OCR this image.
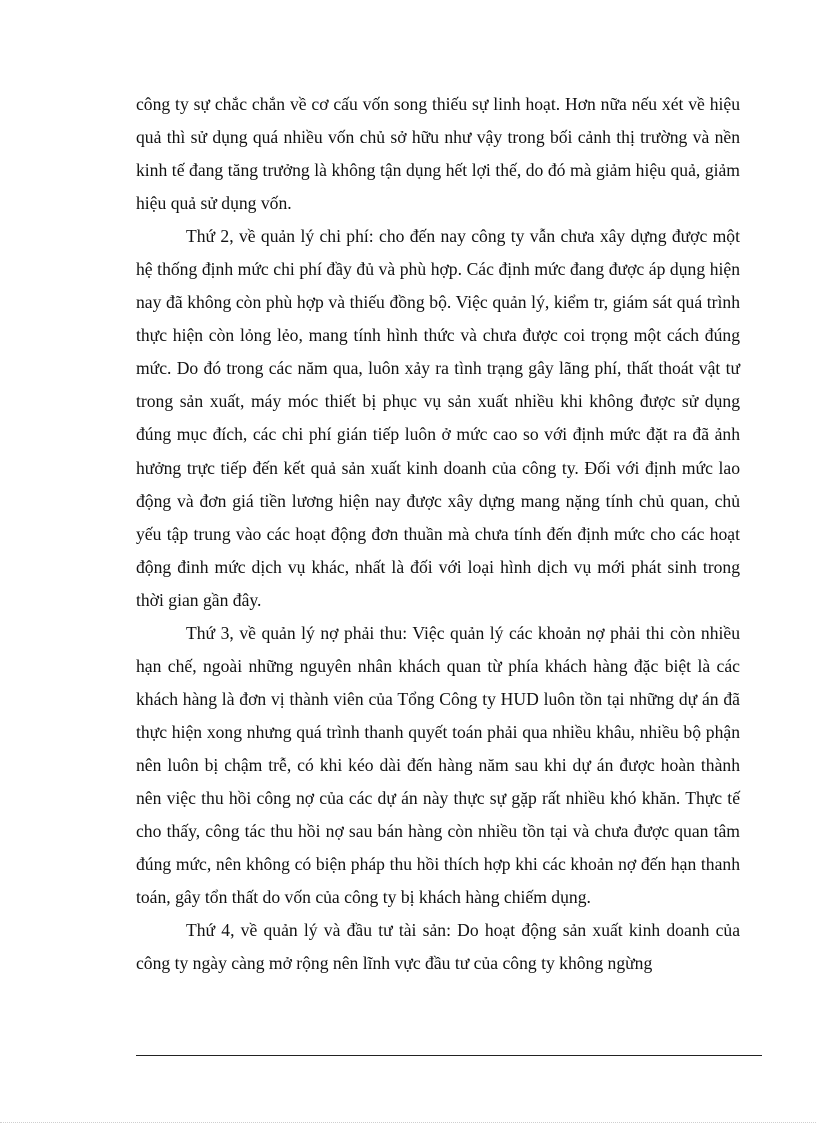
công ty sự chắc chắn về cơ cấu vốn song thiếu sự linh hoạt. Hơn nữa nếu xét về hiệu quả thì sử dụng quá nhiều vốn chủ sở hữu như vậy trong bối cảnh thị trường và nền kinh tế đang tăng trưởng là không tận dụng hết lợi thế, do đó mà giảm hiệu quả, giảm hiệu quả sử dụng vốn.

Thứ 2, về quản lý chi phí: cho đến nay công ty vẫn chưa xây dựng được một hệ thống định mức chi phí đầy đủ và phù hợp. Các định mức đang được áp dụng hiện nay đã không còn phù hợp và thiếu đồng bộ. Việc quản lý, kiểm tr, giám sát quá trình thực hiện còn lỏng lẻo, mang tính hình thức và chưa được coi trọng một cách đúng mức. Do đó trong các năm qua, luôn xảy ra tình trạng gây lãng phí, thất thoát vật tư trong sản xuất, máy móc thiết bị phục vụ sản xuất nhiều khi không được sử dụng đúng mục đích, các chi phí gián tiếp luôn ở mức cao so với định mức đặt ra đã ảnh hưởng trực tiếp đến kết quả sản xuất kinh doanh của công ty. Đối với định mức lao động và đơn giá tiền lương hiện nay được xây dựng mang nặng tính chủ quan, chủ yếu tập trung vào các hoạt động đơn thuần mà chưa tính đến định mức cho các hoạt động đinh mức dịch vụ khác, nhất là đối với loại hình dịch vụ mới phát sinh trong thời gian gần đây.

Thứ 3, về quản lý nợ phải thu: Việc quản lý các khoản nợ phải thi còn nhiều hạn chế, ngoài những nguyên nhân khách quan từ phía khách hàng đặc biệt là các khách hàng là đơn vị thành viên của Tổng Công ty HUD luôn tồn tại những dự án đã thực hiện xong nhưng quá trình thanh quyết toán phải qua nhiều khâu, nhiều bộ phận nên luôn bị chậm trễ, có khi kéo dài đến hàng năm sau khi dự án được hoàn thành nên việc thu hồi công nợ của các dự án này thực sự gặp rất nhiều khó khăn. Thực tế cho thấy, công tác thu hồi nợ sau bán hàng còn nhiều tồn tại và chưa được quan tâm đúng mức, nên không có biện pháp thu hồi thích hợp khi các khoản nợ đến hạn thanh toán, gây tổn thất do vốn của công ty bị khách hàng chiếm dụng.

Thứ 4, về quản lý và đầu tư tài sản: Do hoạt động sản xuất kinh doanh của công ty ngày càng mở rộng nên lĩnh vực đầu tư của công ty không ngừng
